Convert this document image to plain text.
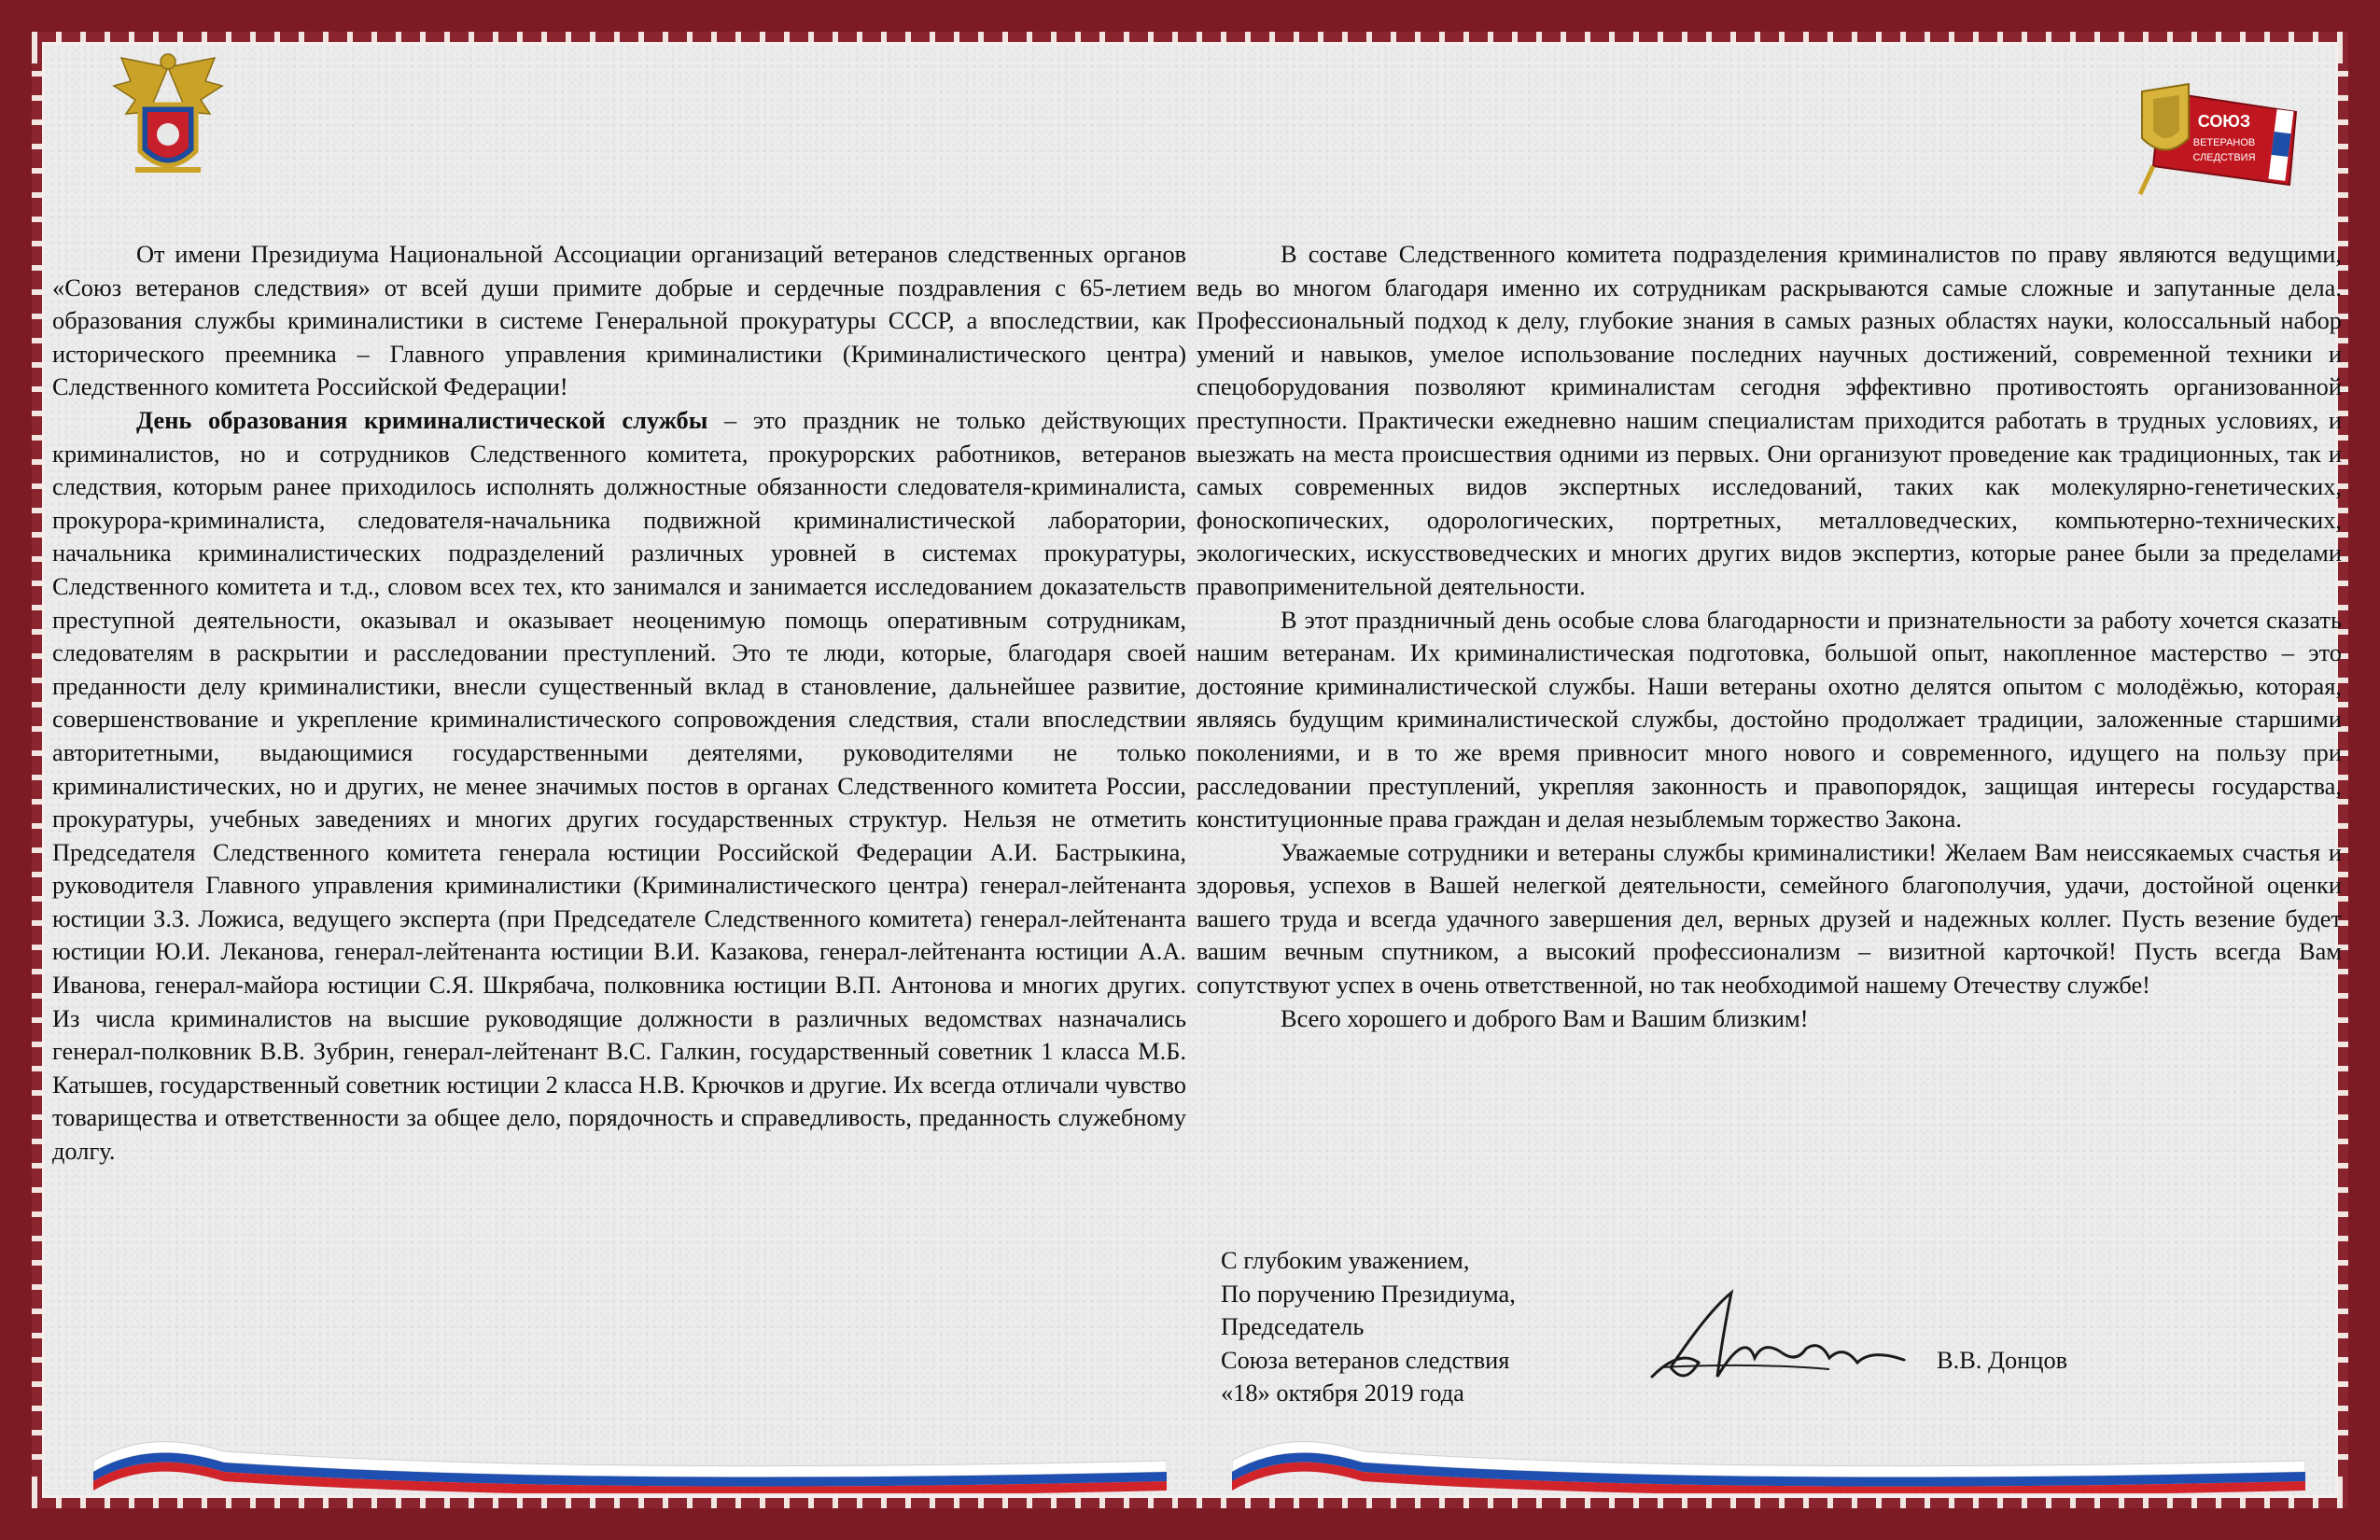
СОЮЗ
ВЕТЕРАНОВ
СЛЕДСТВИЯ

От имени Президиума Национальной Ассоциации организаций ветеранов следственных органов «Союз ветеранов следствия» от всей души примите добрые и сердечные поздравления с 65-летием образования службы криминалистики в системе Генеральной прокуратуры СССР, а впоследствии, как исторического преемника – Главного управления криминалистики (Криминалистического центра) Следственного комитета Российской Федерации!

День образования криминалистической службы – это праздник не только действующих криминалистов, но и сотрудников Следственного комитета, прокурорских работников, ветеранов следствия, которым ранее приходилось исполнять должностные обязанности следователя-криминалиста, прокурора-криминалиста, следователя-начальника подвижной криминалистической лаборатории, начальника криминалистических подразделений различных уровней в системах прокуратуры, Следственного комитета и т.д., словом всех тех, кто занимался и занимается исследованием доказательств преступной деятельности, оказывал и оказывает неоценимую помощь оперативным сотрудникам, следователям в раскрытии и расследовании преступлений. Это те люди, которые, благодаря своей преданности делу криминалистики, внесли существенный вклад в становление, дальнейшее развитие, совершенствование и укрепление криминалистического сопровождения следствия, стали впоследствии авторитетными, выдающимися государственными деятелями, руководителями не только криминалистических, но и других, не менее значимых постов в органах Следственного комитета России, прокуратуры, учебных заведениях и многих других государственных структур. Нельзя не отметить Председателя Следственного комитета генерала юстиции Российской Федерации А.И. Бастрыкина, руководителя Главного управления криминалистики (Криминалистического центра) генерал-лейтенанта юстиции З.З. Ложиса, ведущего эксперта (при Председателе Следственного комитета) генерал-лейтенанта юстиции Ю.И. Леканова, генерал-лейтенанта юстиции В.И. Казакова, генерал-лейтенанта юстиции А.А. Иванова, генерал-майора юстиции С.Я. Шкрябача, полковника юстиции В.П. Антонова и многих других. Из числа криминалистов на высшие руководящие должности в различных ведомствах назначались генерал-полковник В.В. Зубрин, генерал-лейтенант В.С. Галкин, государственный советник 1 класса М.Б. Катышев, государственный советник юстиции 2 класса Н.В. Крючков и другие. Их всегда отличали чувство товарищества и ответственности за общее дело, порядочность и справедливость, преданность служебному долгу.

В составе Следственного комитета подразделения криминалистов по праву являются ведущими, ведь во многом благодаря именно их сотрудникам раскрываются самые сложные и запутанные дела. Профессиональный подход к делу, глубокие знания в самых разных областях науки, колоссальный набор умений и навыков, умелое использование последних научных достижений, современной техники и спецоборудования позволяют криминалистам сегодня эффективно противостоять организованной преступности. Практически ежедневно нашим специалистам приходится работать в трудных условиях, и выезжать на места происшествия одними из первых. Они организуют проведение как традиционных, так и самых современных видов экспертных исследований, таких как молекулярно-генетических, фоноскопических, одорологических, портретных, металловедческих, компьютерно-технических, экологических, искусствоведческих и многих других видов экспертиз, которые ранее были за пределами правоприменительной деятельности.

В этот праздничный день особые слова благодарности и признательности за работу хочется сказать нашим ветеранам. Их криминалистическая подготовка, большой опыт, накопленное мастерство – это достояние криминалистической службы. Наши ветераны охотно делятся опытом с молодёжью, которая, являясь будущим криминалистической службы, достойно продолжает традиции, заложенные старшими поколениями, и в то же время привносит много нового и современного, идущего на пользу при расследовании преступлений, укрепляя законность и правопорядок, защищая интересы государства, конституционные права граждан и делая незыблемым торжество Закона.

Уважаемые сотрудники и ветераны службы криминалистики! Желаем Вам неиссякаемых счастья и здоровья, успехов в Вашей нелегкой деятельности, семейного благополучия, удачи, достойной оценки вашего труда и всегда удачного завершения дел, верных друзей и надежных коллег. Пусть везение будет вашим вечным спутником, а высокий профессионализм – визитной карточкой! Пусть всегда Вам сопутствуют успех в очень ответственной, но так необходимой нашему Отечеству службе!

Всего хорошего и доброго Вам и Вашим близким!

С глубоким уважением,
По поручению Президиума,
Председатель
Союза ветеранов следствия
«18» октября 2019 года
В.В. Донцов
